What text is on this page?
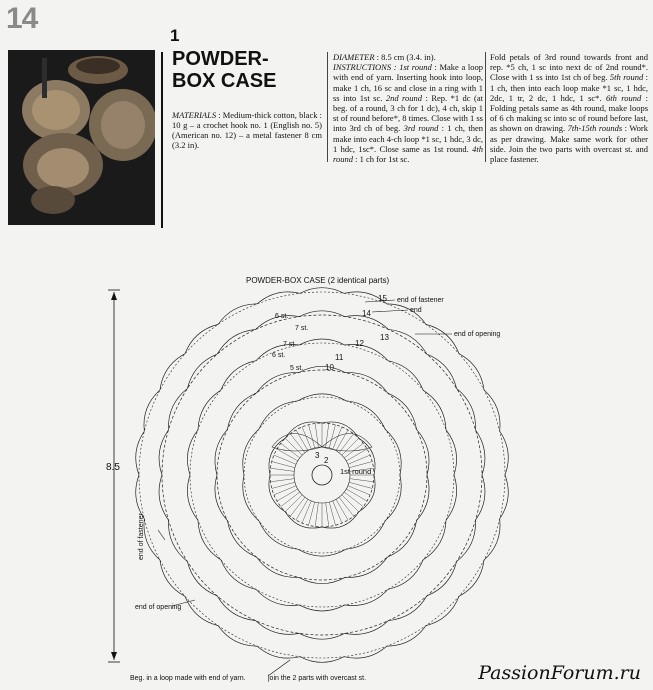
14
1
POWDER-
BOX CASE
MATERIALS : Medium-thick cotton, black : 10 g – a crochet hook no. 1 (English no. 5) (American no. 12) – a metal fastener 8 cm (3.2 in).
DIAMETER : 8.5 cm (3.4. in).
INSTRUCTIONS : 1st round : Make a loop with end of yarn. Inserting hook into loop, make 1 ch, 16 sc and close in a ring with 1 ss into 1st sc. 2nd round : Rep. *1 dc (at beg. of a round, 3 ch for 1 dc), 4 ch, skip 1 st of round before*, 8 times. Close with 1 ss into 3rd ch of beg. 3rd round : 1 ch, then make into each 4-ch loop *1 sc, 1 hdc, 3 dc, 1 hdc, 1sc*. Close same as 1st round. 4th round : 1 ch for 1st sc.
Fold petals of 3rd round towards front and rep. *5 ch, 1 sc into next dc of 2nd round*. Close with 1 ss into 1st ch of beg. 5th round : 1 ch, then into each loop make *1 sc, 1 hdc, 2dc, 1 tr, 2 dc, 1 hdc, 1 sc*. 6th round : Folding petals same as 4th round, make loops of 6 ch making sc into sc of round before last, as shown on drawing. 7th-15th rounds : Work as per drawing. Make same work for other side. Join the two parts with overcast st. and place fastener.
POWDER-BOX CASE (2 identical parts)
8.5
15
14
13
12
11
10
3
2
6 st.
7 st.
7 st.
6 st.
5 st.
1st round
end of fastener
end
end of opening
end of fastener
end of opening
Beg. in a loop made with end of yarn.	join the 2 parts with overcast st.	PassionForum.ru
